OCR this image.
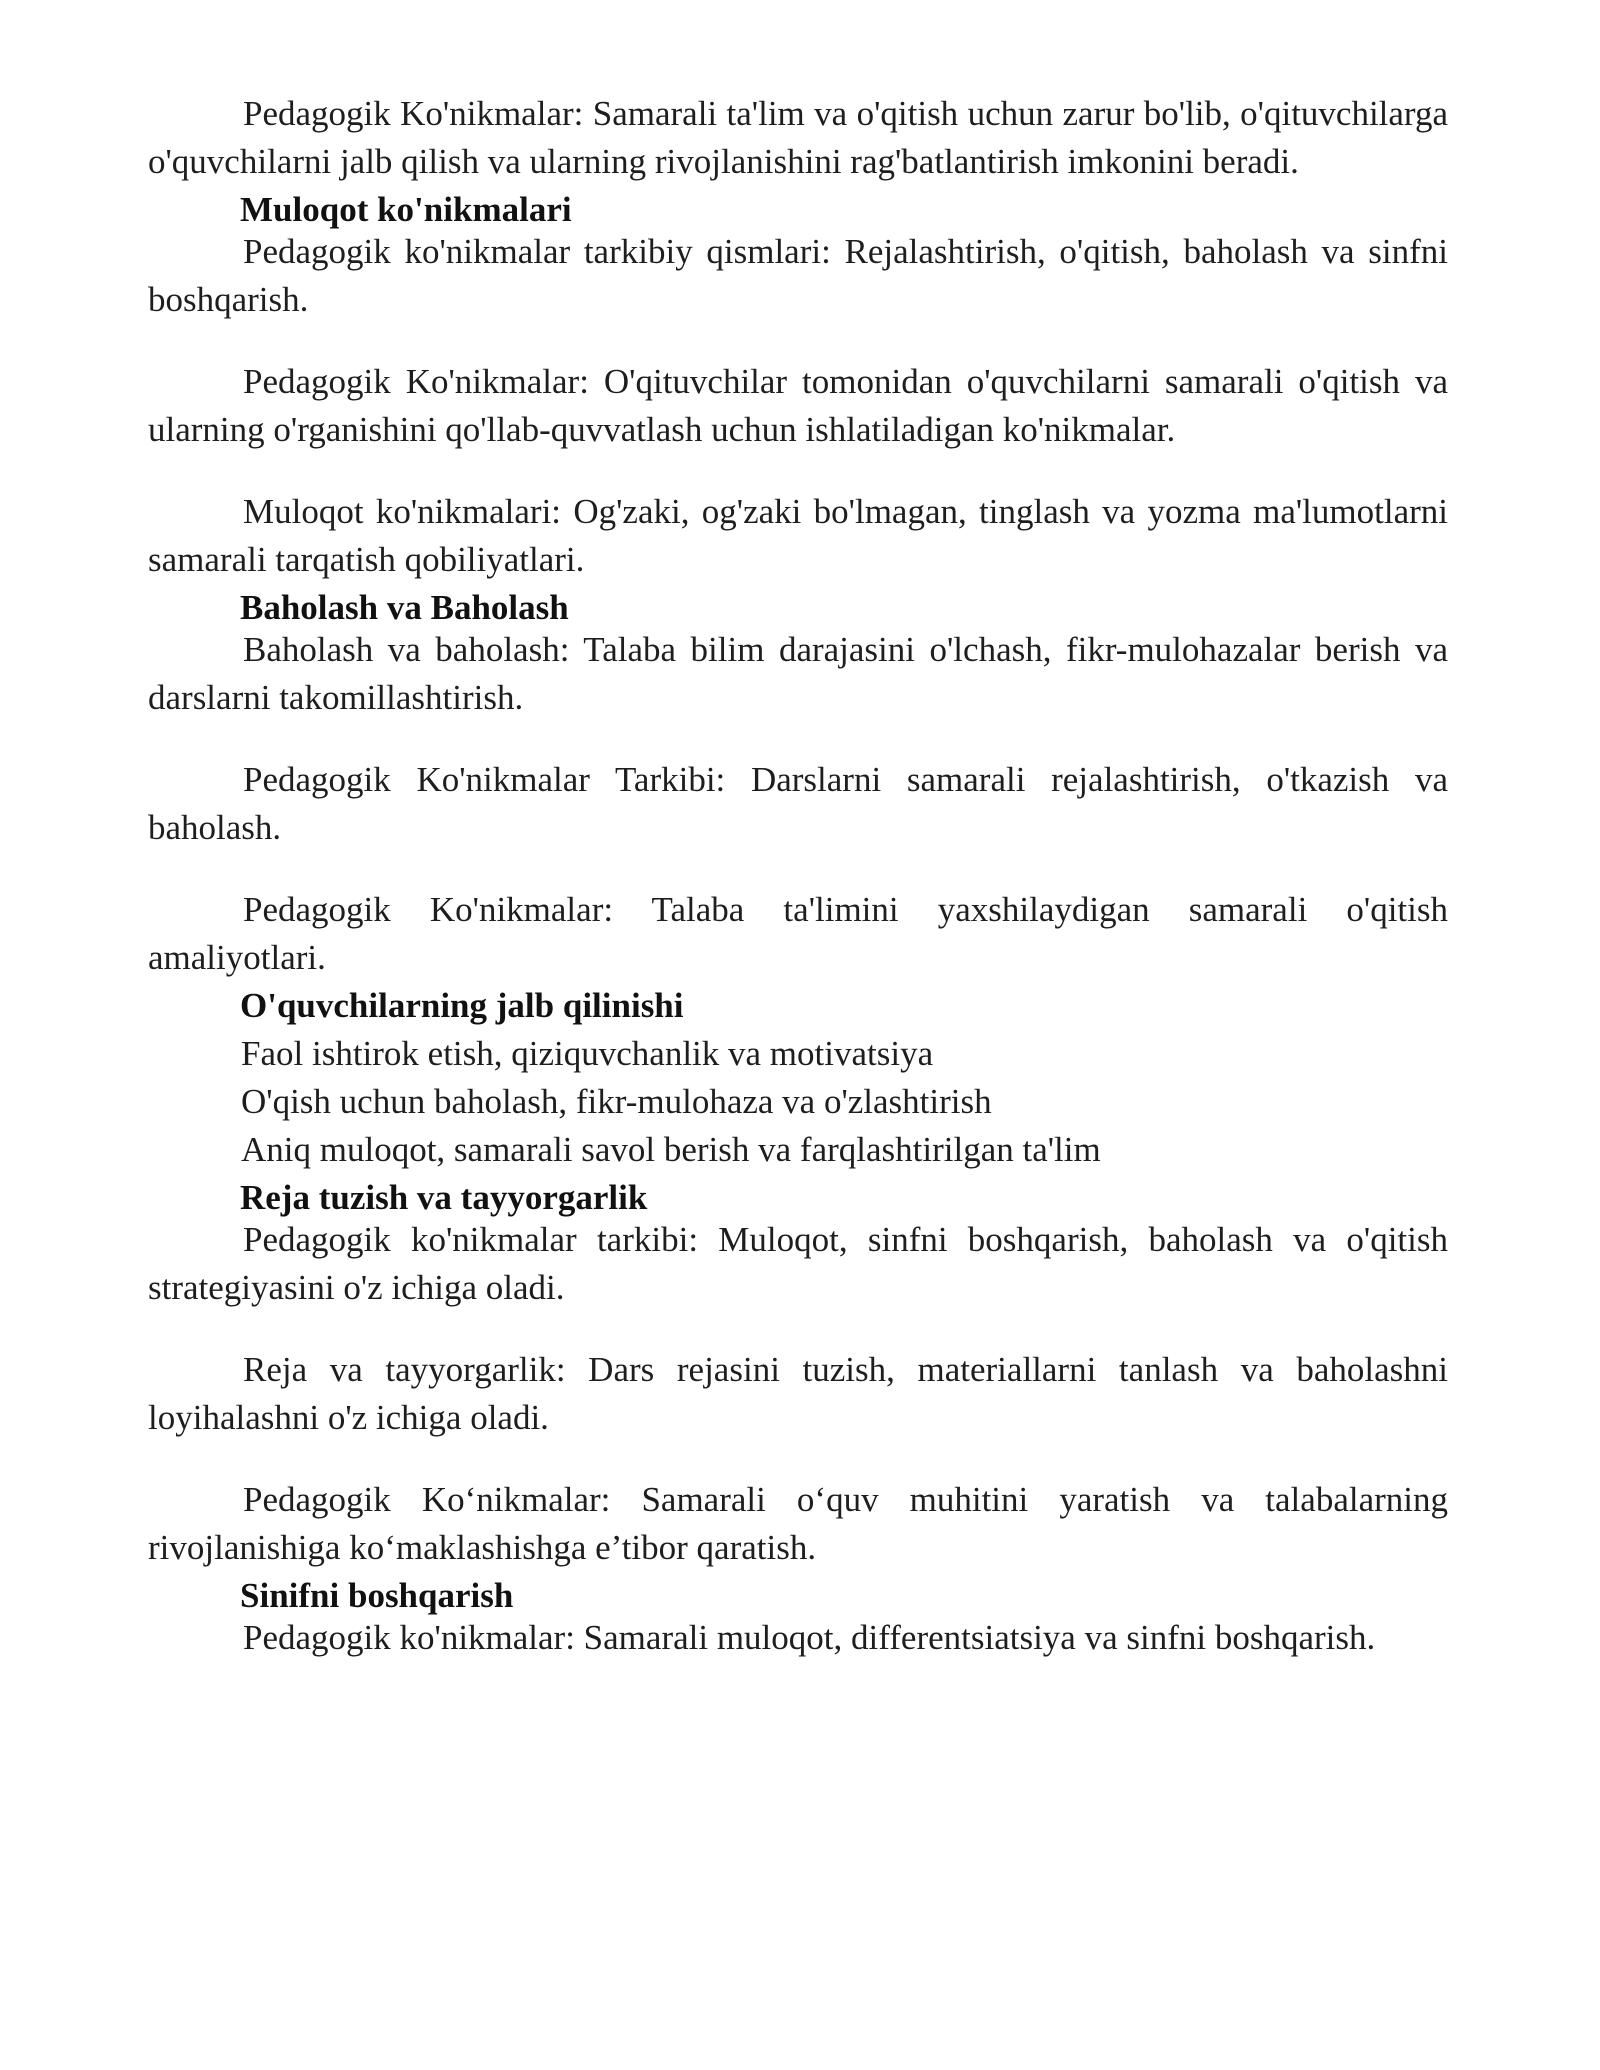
Pedagogik Ko'nikmalar: Samarali ta'lim va o'qitish uchun zarur bo'lib, o'qituvchilarga o'quvchilarni jalb qilish va ularning rivojlanishini rag'batlantirish imkonini beradi.

Muloqot ko'nikmalari

Pedagogik ko'nikmalar tarkibiy qismlari: Rejalashtirish, o'qitish, baholash va sinfni boshqarish.

Pedagogik Ko'nikmalar: O'qituvchilar tomonidan o'quvchilarni samarali o'qitish va ularning o'rganishini qo'llab-quvvatlash uchun ishlatiladigan ko'nikmalar.

Muloqot ko'nikmalari: Og'zaki, og'zaki bo'lmagan, tinglash va yozma ma'lumotlarni samarali tarqatish qobiliyatlari.

Baholash va Baholash

Baholash va baholash: Talaba bilim darajasini o'lchash, fikr-mulohazalar berish va darslarni takomillashtirish.

Pedagogik Ko'nikmalar Tarkibi: Darslarni samarali rejalashtirish, o'tkazish va baholash.

Pedagogik Ko'nikmalar: Talaba ta'limini yaxshilaydigan samarali o'qitish amaliyotlari.

O'quvchilarning jalb qilinishi

Faol ishtirok etish, qiziquvchanlik va motivatsiya

O'qish uchun baholash, fikr-mulohaza va o'zlashtirish

Aniq muloqot, samarali savol berish va farqlashtirilgan ta'lim

Reja tuzish va tayyorgarlik

Pedagogik ko'nikmalar tarkibi: Muloqot, sinfni boshqarish, baholash va o'qitish strategiyasini o'z ichiga oladi.

Reja va tayyorgarlik: Dars rejasini tuzish, materiallarni tanlash va baholashni loyihalashni o'z ichiga oladi.

Pedagogik Koʻnikmalar: Samarali oʻquv muhitini yaratish va talabalarning rivojlanishiga koʻmaklashishga e’tibor qaratish.

Sinifni boshqarish

Pedagogik ko'nikmalar: Samarali muloqot, differentsiatsiya va sinfni boshqarish.
